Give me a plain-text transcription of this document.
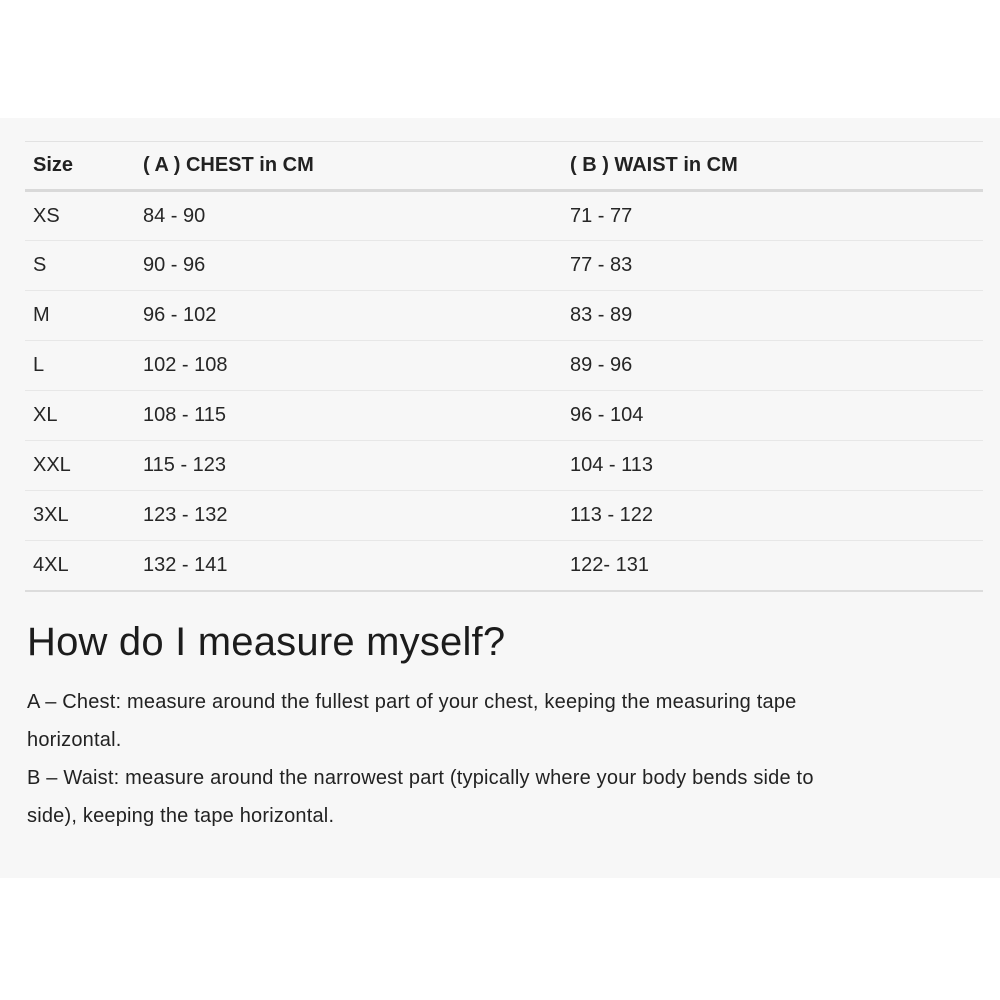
Size	( A ) CHEST in CM	( B ) WAIST in CM
XS	84 - 90	71 - 77
S	90 - 96	77 - 83
M	96 - 102	83 - 89
L	102 - 108	89 - 96
XL	108 - 115	96 - 104
XXL	115 - 123	104 - 113
3XL	123 - 132	113 - 122
4XL	132 - 141	122- 131
How do I measure myself?
A – Chest: measure around the fullest part of your chest, keeping the measuring tape
horizontal.
B – Waist: measure around the narrowest part (typically where your body bends side to
side), keeping the tape horizontal.
